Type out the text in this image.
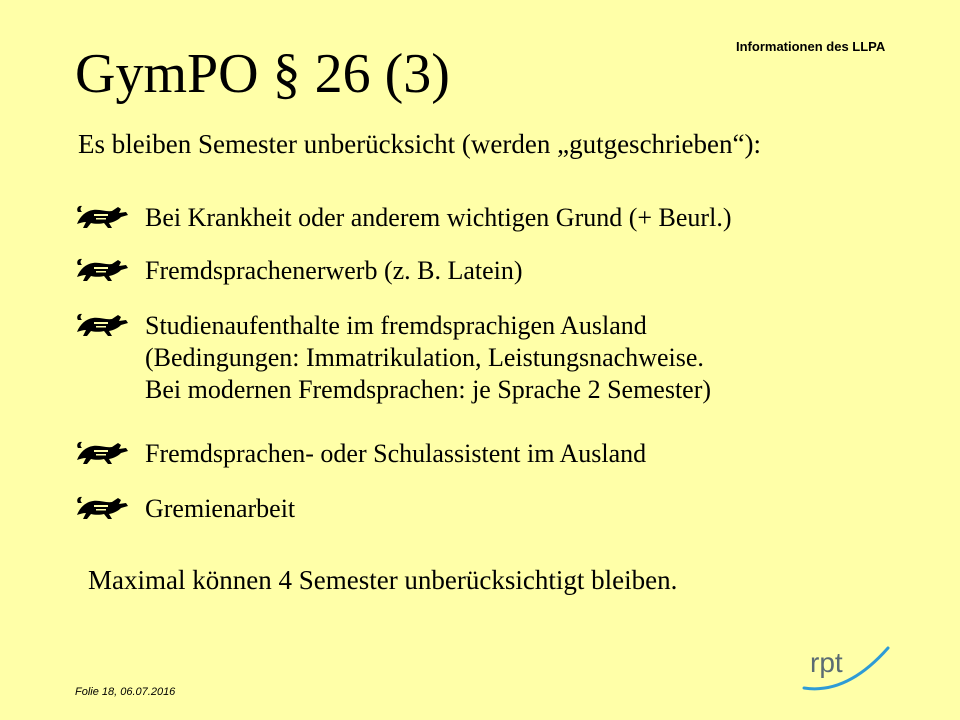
Informationen des LLPA
GymPO § 26 (3)
Es bleiben Semester unberücksicht (werden „gutgeschrieben“):
Bei Krankheit oder anderem wichtigen Grund (+ Beurl.)
Fremdsprachenerwerb (z. B. Latein)
Studienaufenthalte im fremdsprachigen Ausland
(Bedingungen: Immatrikulation, Leistungsnachweise.
Bei modernen Fremdsprachen: je Sprache 2 Semester)
Fremdsprachen- oder Schulassistent im Ausland
Gremienarbeit
Maximal können 4 Semester unberücksichtigt bleiben.
Folie 18, 06.07.2016
rpt
